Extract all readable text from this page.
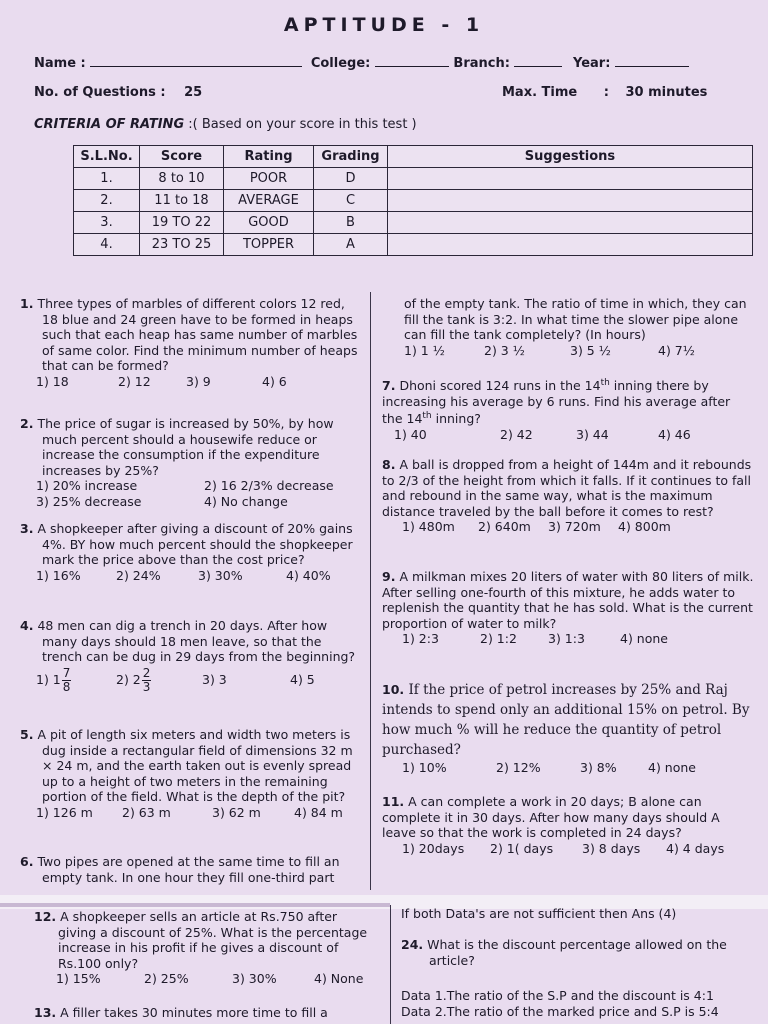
APTITUDE - 1
Name :	College:	Branch:	Year:
No. of Questions : 25	Max. Time : 30 minutes
CRITERIA OF RATING :( Based on your score in this test )
S.L.No.	Score	Rating	Grading	Suggestions
1.	8 to 10	POOR	D	
2.	11 to 18	AVERAGE	C	
3.	19 TO 22	GOOD	B	
4.	23 TO 25	TOPPER	A	

1. Three types of marbles of different colors 12 red, 18 blue and 24 green have to be formed in heaps such that each heap has same number of marbles of same color. Find the minimum number of heaps that can be formed?

1) 18	2) 12	3) 9	4) 6

2. The price of sugar is increased by 50%, by how much percent should a housewife reduce or increase the consumption if the expenditure increases by 25%?

1) 20% increase	2) 16 2/3% decrease
3) 25% decrease	4) No change

3. A shopkeeper after giving a discount of 20% gains 4%. BY how much percent should the shopkeeper mark the price above than the cost price?

1) 16%	2) 24%	3) 30%	4) 40%

4. 48 men can dig a trench in 20 days. After how many days should 18 men leave, so that the trench can be dug in 29 days from the beginning?

1) $1 \frac{7}{8}$	2) $2 \frac{2}{3}$	3) 3	4) 5

5. A pit of length six meters and width two meters is dug inside a rectangular field of dimensions 32 m × 24 m, and the earth taken out is evenly spread up to a height of two meters in the remaining portion of the field. What is the depth of the pit?

1) 126 m	2) 63 m	3) 62 m	4) 84 m

6. Two pipes are opened at the same time to fill an empty tank. In one hour they fill one-third part

of the empty tank. The ratio of time in which, they can fill the tank is 3:2. In what time the slower pipe alone can fill the tank completely? (In hours)

1) 1 ½	2) 3 ½	3) 5 ½	4) 7½

7. Dhoni scored 124 runs in the 14th inning there by increasing his average by 6 runs. Find his average after the 14th inning?

1) 40	2) 42	3) 44	4) 46

8. A ball is dropped from a height of 144m and it rebounds to 2/3 of the height from which it falls. If it continues to fall and rebound in the same way, what is the maximum distance traveled by the ball before it comes to rest?

1) 480m	2) 640m	3) 720m	4) 800m

9. A milkman mixes 20 liters of water with 80 liters of milk. After selling one-fourth of this mixture, he adds water to replenish the quantity that he has sold. What is the current proportion of water to milk?

1) 2:3	2) 1:2	3) 1:3	4) none

10. If the price of petrol increases by 25% and Raj intends to spend only an additional 15% on petrol. By how much % will he reduce the quantity of petrol purchased?

1) 10%	2) 12%	3) 8%	4) none

11. A can complete a work in 20 days; B alone can complete it in 30 days. After how many days should A leave so that the work is completed in 24 days?

1) 20days	2) 1( days	3) 8 days	4) 4 days

12. A shopkeeper sells an article at Rs.750 after giving a discount of 25%. What is the percentage increase in his profit if he gives a discount of Rs.100 only?

1) 15%	2) 25%	3) 30%	4) None

13. A filler takes 30 minutes more time to fill a

If both Data's are not sufficient then Ans (4)

24. What is the discount percentage allowed on the article?

Data 1.The ratio of the S.P and the discount is 4:1

Data 2.The ratio of the marked price and S.P is 5:4
